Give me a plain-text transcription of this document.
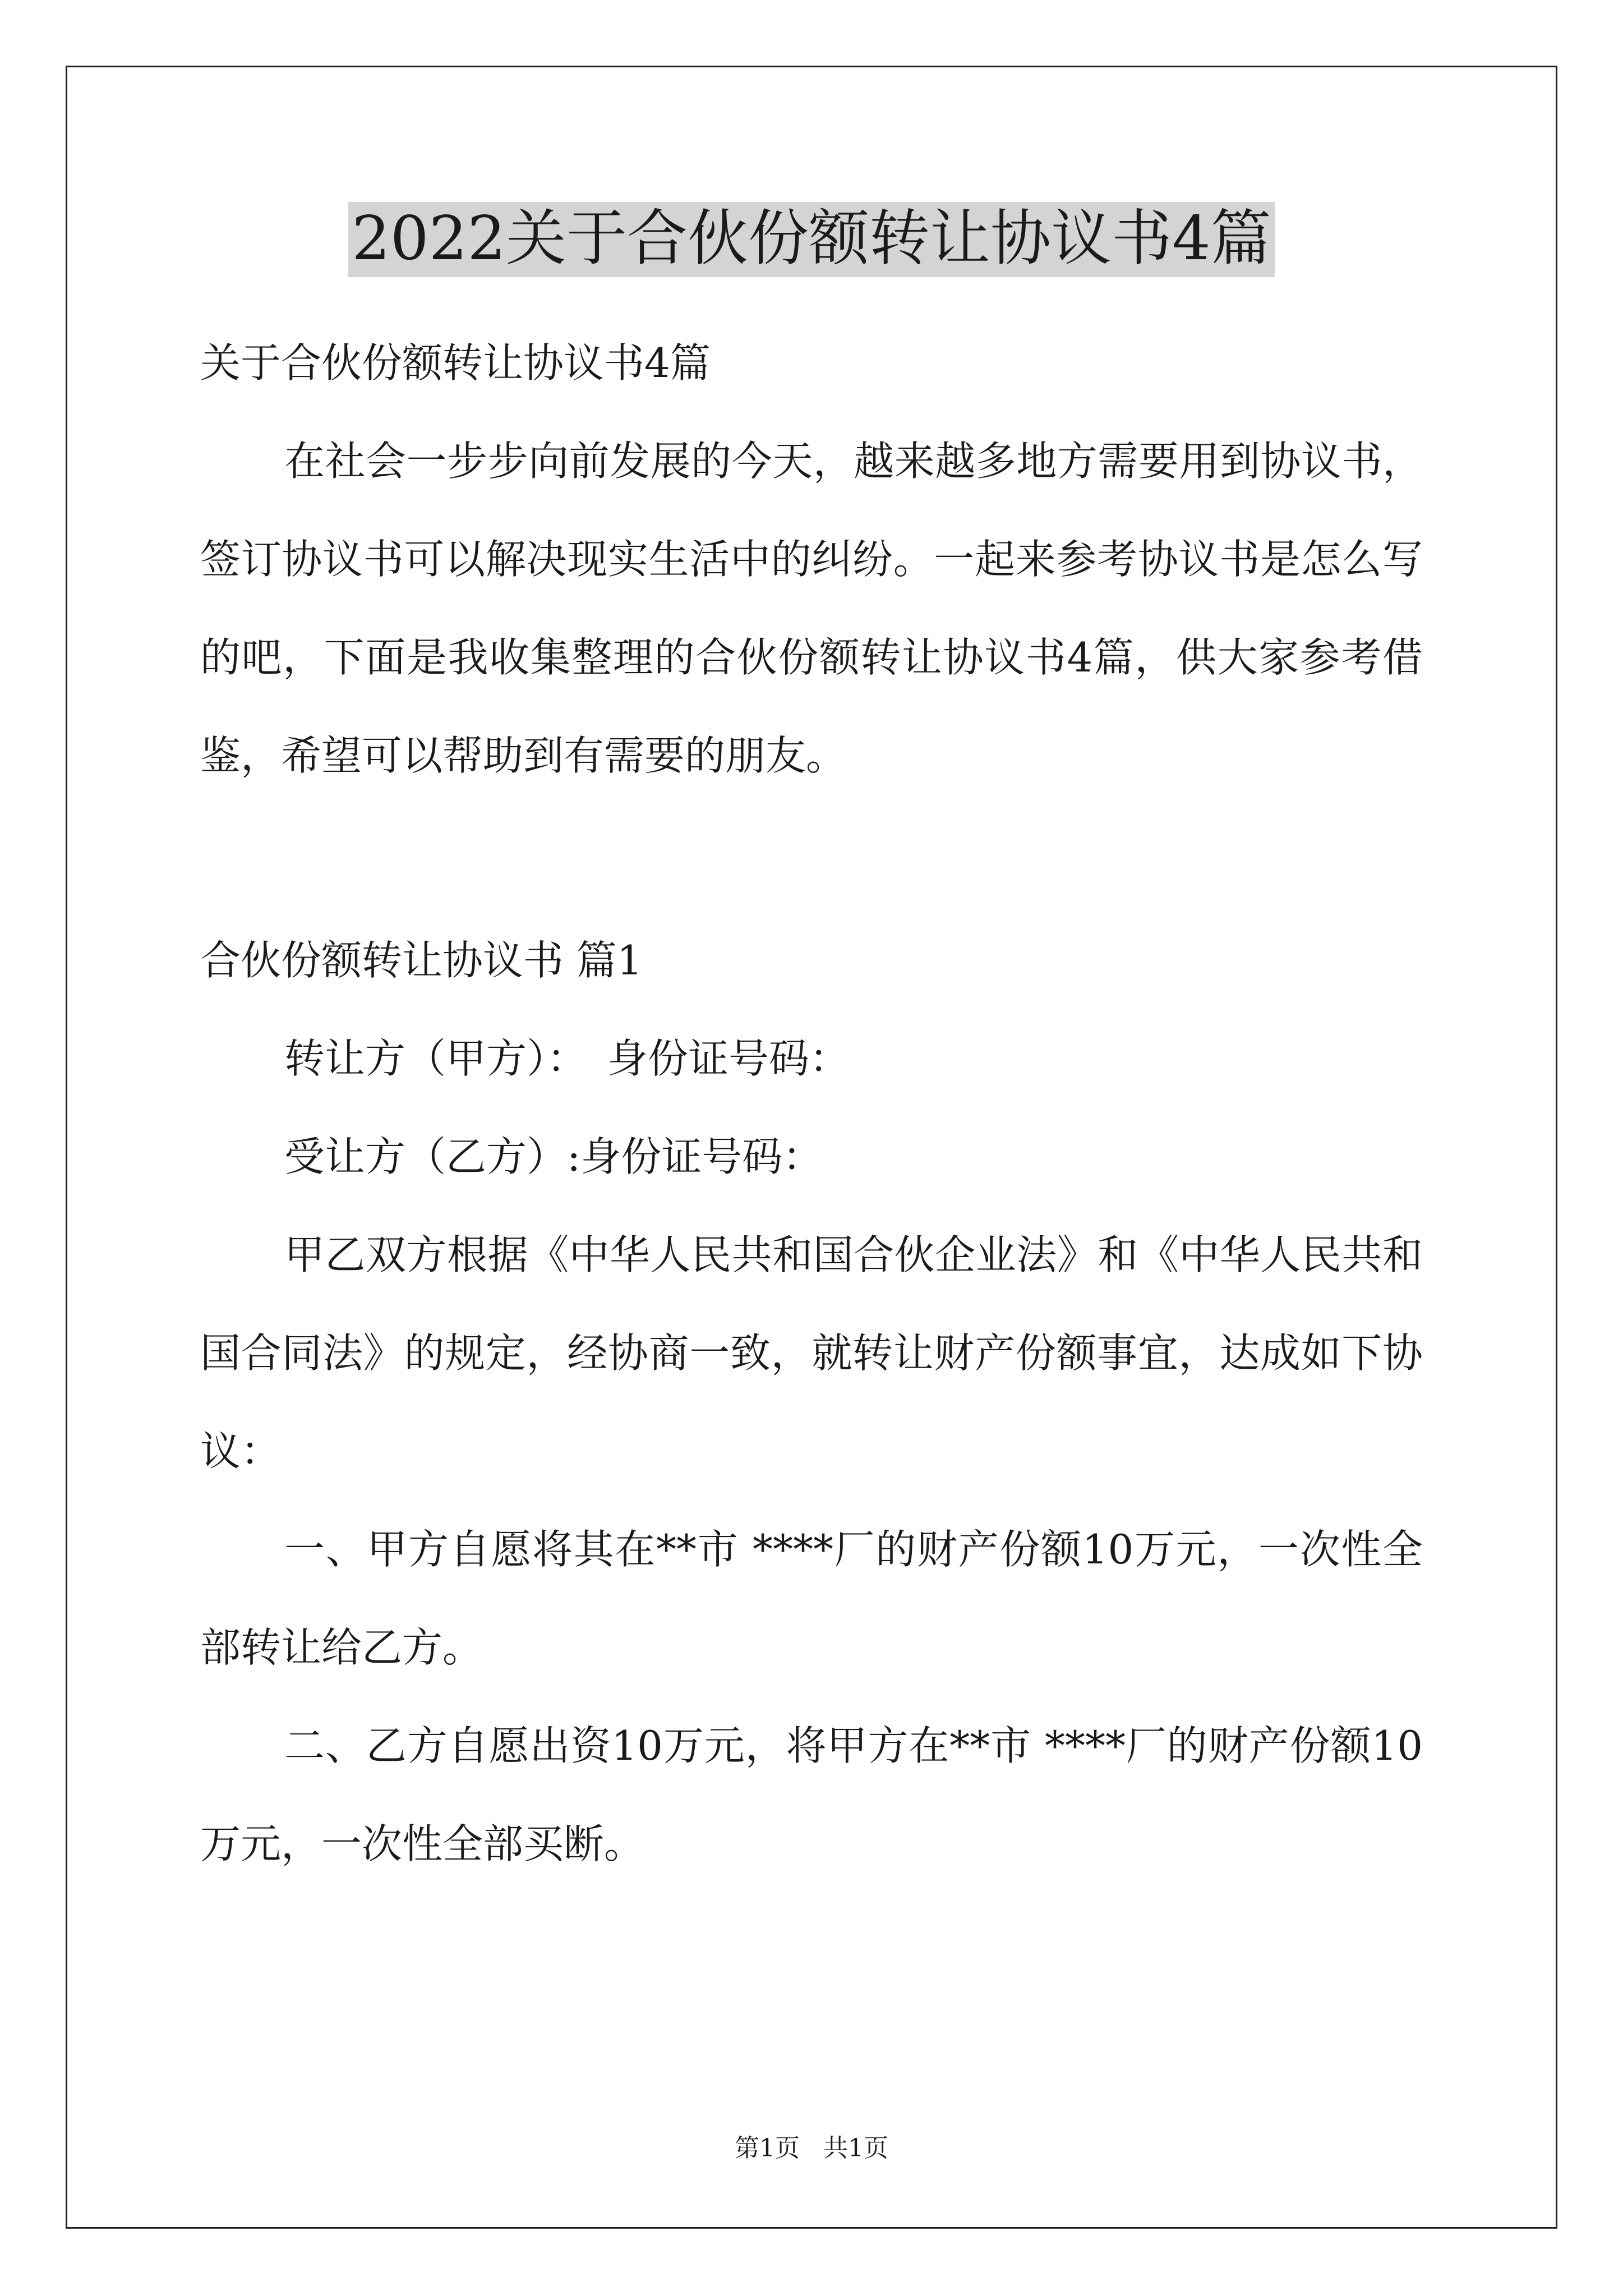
2022关于合伙份额转让协议书4篇

关于合伙份额转让协议书4篇

在社会一步步向前发展的今天，越来越多地方需要用到协议书，签订协议书可以解决现实生活中的纠纷。一起来参考协议书是怎么写的吧，下面是我收集整理的合伙份额转让协议书4篇，供大家参考借鉴，希望可以帮助到有需要的朋友。

合伙份额转让协议书 篇1

转让方（甲方）：　身份证号码：

受让方（乙方）:身份证号码：

甲乙双方根据《中华人民共和国合伙企业法》和《中华人民共和国合同法》的规定，经协商一致，就转让财产份额事宜，达成如下协议：

一、甲方自愿将其在**市 ****厂的财产份额10万元，一次性全部转让给乙方。

二、乙方自愿出资10万元，将甲方在**市 ****厂的财产份额10万元，一次性全部买断。

第1页 共1页
